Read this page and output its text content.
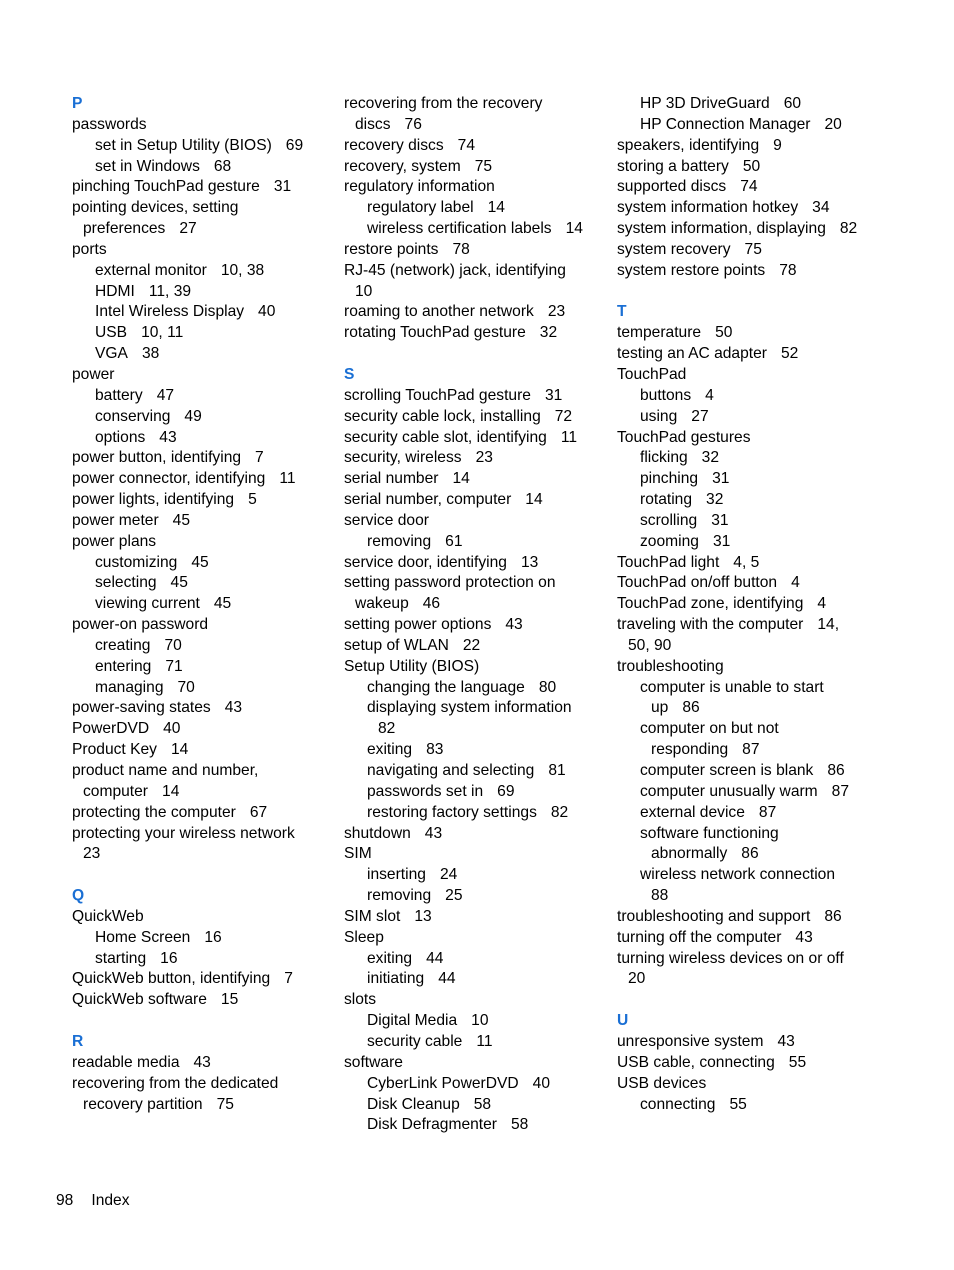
P
passwords
set in Setup Utility (BIOS) 69
set in Windows 68
pinching TouchPad gesture 31
pointing devices, setting
preferences 27
ports
external monitor 10, 38
HDMI 11, 39
Intel Wireless Display 40
USB 10, 11
VGA 38
power
battery 47
conserving 49
options 43
power button, identifying 7
power connector, identifying 11
power lights, identifying 5
power meter 45
power plans
customizing 45
selecting 45
viewing current 45
power-on password
creating 70
entering 71
managing 70
power-saving states 43
PowerDVD 40
Product Key 14
product name and number,
computer 14
protecting the computer 67
protecting your wireless network
23
Q
QuickWeb
Home Screen 16
starting 16
QuickWeb button, identifying 7
QuickWeb software 15
R
readable media 43
recovering from the dedicated
recovery partition 75
recovering from the recovery
discs 76
recovery discs 74
recovery, system 75
regulatory information
regulatory label 14
wireless certification labels 14
restore points 78
RJ-45 (network) jack, identifying
10
roaming to another network 23
rotating TouchPad gesture 32
S
scrolling TouchPad gesture 31
security cable lock, installing 72
security cable slot, identifying 11
security, wireless 23
serial number 14
serial number, computer 14
service door
removing 61
service door, identifying 13
setting password protection on
wakeup 46
setting power options 43
setup of WLAN 22
Setup Utility (BIOS)
changing the language 80
displaying system information
82
exiting 83
navigating and selecting 81
passwords set in 69
restoring factory settings 82
shutdown 43
SIM
inserting 24
removing 25
SIM slot 13
Sleep
exiting 44
initiating 44
slots
Digital Media 10
security cable 11
software
CyberLink PowerDVD 40
Disk Cleanup 58
Disk Defragmenter 58
HP 3D DriveGuard 60
HP Connection Manager 20
speakers, identifying 9
storing a battery 50
supported discs 74
system information hotkey 34
system information, displaying 82
system recovery 75
system restore points 78
T
temperature 50
testing an AC adapter 52
TouchPad
buttons 4
using 27
TouchPad gestures
flicking 32
pinching 31
rotating 32
scrolling 31
zooming 31
TouchPad light 4, 5
TouchPad on/off button 4
TouchPad zone, identifying 4
traveling with the computer 14,
50, 90
troubleshooting
computer is unable to start
up 86
computer on but not
responding 87
computer screen is blank 86
computer unusually warm 87
external device 87
software functioning
abnormally 86
wireless network connection
88
troubleshooting and support 86
turning off the computer 43
turning wireless devices on or off
20
U
unresponsive system 43
USB cable, connecting 55
USB devices
connecting 55
98 Index
